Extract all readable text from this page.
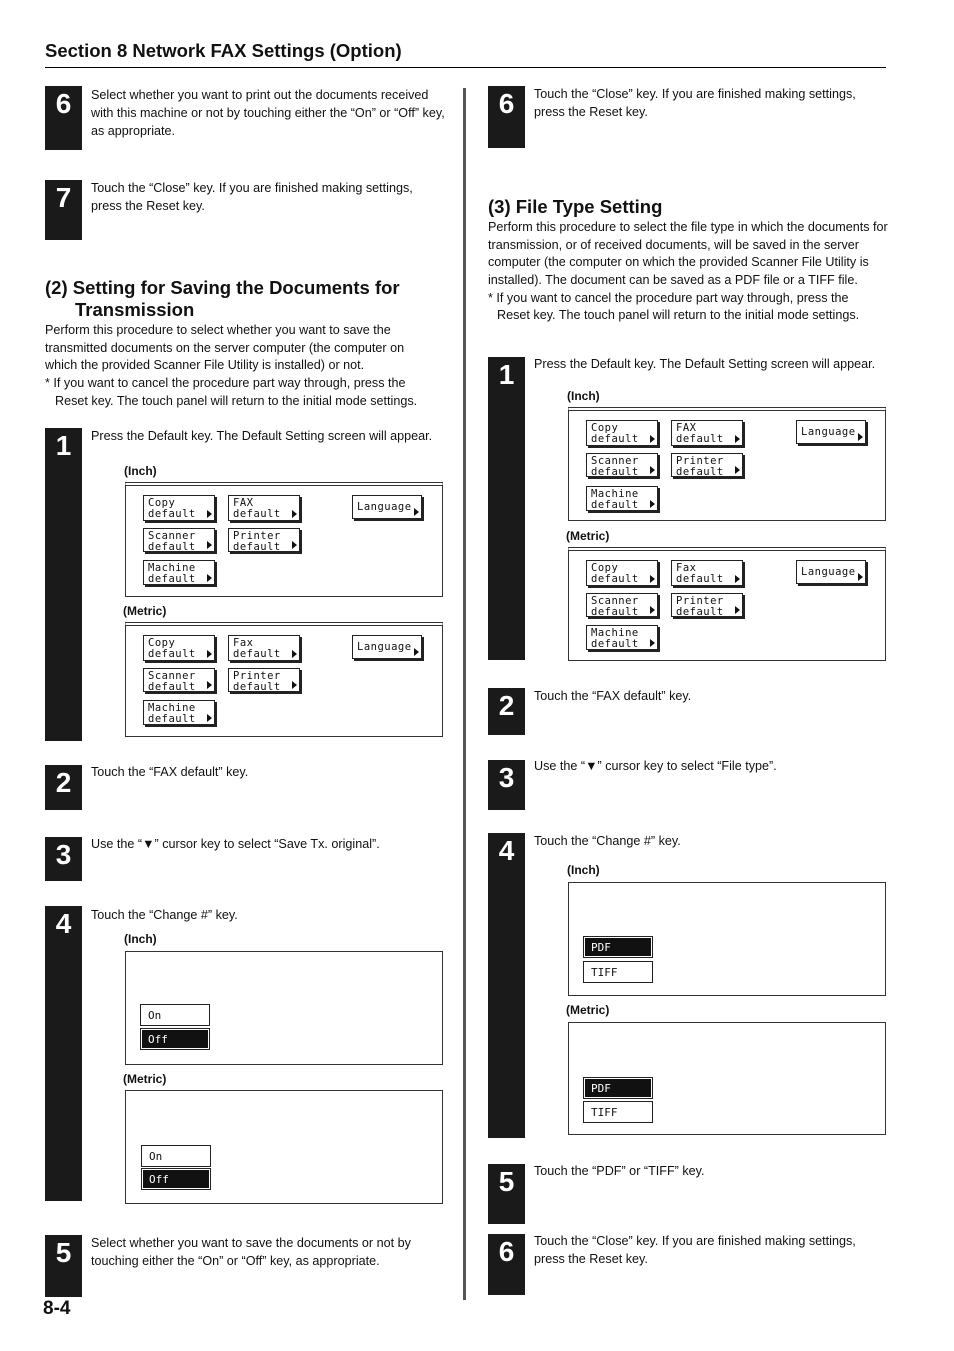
Section 8 Network FAX Settings (Option)
6	Select whether you want to print out the documents received with this machine or not by touching either the “On” or “Off” key, as appropriate.
7	Touch the “Close” key. If you are finished making settings, press the Reset key.
(2) Setting for Saving the Documents for
Transmission
Perform this procedure to select whether you want to save the transmitted documents on the server computer (the computer on which the provided Scanner File Utility is installed) or not.
* If you want to cancel the procedure part way through, press the
Reset key. The touch panel will return to the initial mode settings.
1	Press the Default key. The Default Setting screen will appear.
(Inch)
Copy
default
FAX
default
Language
Scanner
default
Printer
default
Machine
default
(Metric)
Copy
default
Fax
default
Language
Scanner
default
Printer
default
Machine
default
2	Touch the “FAX default” key.
3	Use the “▼” cursor key to select “Save Tx. original”.
4	Touch the “Change #” key.
(Inch)
On
Off
(Metric)
On
Off
5	Select whether you want to save the documents or not by touching either the “On” or “Off” key, as appropriate.
8-4
6	Touch the “Close” key. If you are finished making settings, press the Reset key.
(3) File Type Setting
Perform this procedure to select the file type in which the documents for transmission, or of received documents, will be saved in the server computer (the computer on which the provided Scanner File Utility is installed). The document can be saved as a PDF file or a TIFF file.
* If you want to cancel the procedure part way through, press the
Reset key. The touch panel will return to the initial mode settings.
1	Press the Default key. The Default Setting screen will appear.
(Inch)
Copy
default
FAX
default
Language
Scanner
default
Printer
default
Machine
default
(Metric)
Copy
default
Fax
default
Language
Scanner
default
Printer
default
Machine
default
2	Touch the “FAX default” key.
3	Use the “▼” cursor key to select “File type”.
4	Touch the “Change #” key.
(Inch)
PDF
TIFF
(Metric)
PDF
TIFF
5	Touch the “PDF” or “TIFF” key.
6	Touch the “Close” key. If you are finished making settings, press the Reset key.
